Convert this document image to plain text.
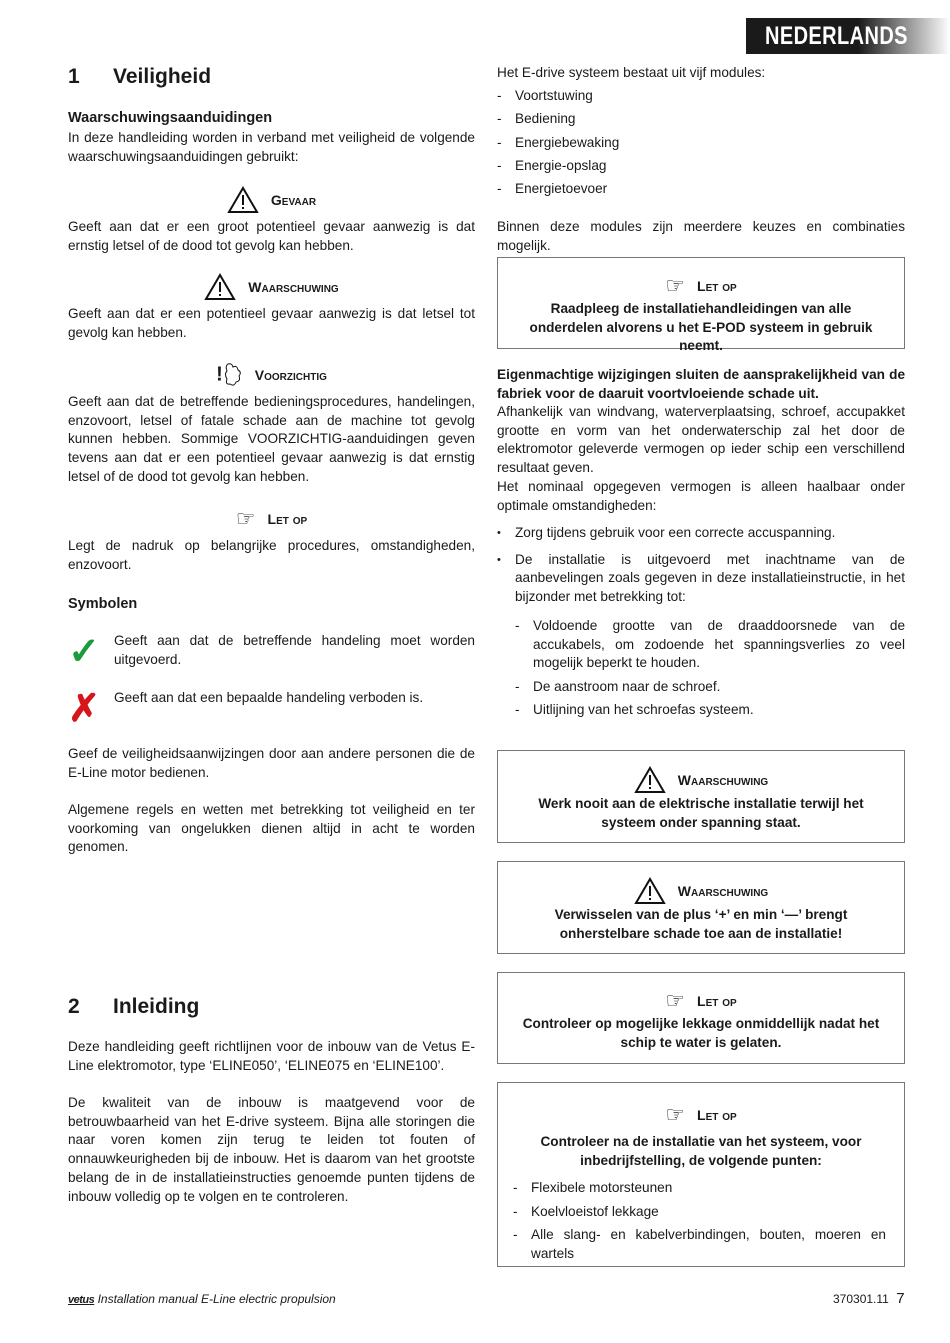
NEDERLANDS
1 Veiligheid
Waarschuwingsaanduidingen

In deze handleiding worden in verband met veiligheid de volgende waarschuwingsaanduidingen gebruikt:

Gevaar

Geeft aan dat er een groot potentieel gevaar aanwezig is dat ernstig letsel of de dood tot gevolg kan hebben.

Waarschuwing

Geeft aan dat er een potentieel gevaar aanwezig is dat letsel tot gevolg kan hebben.

!	Voorzichtig

Geeft aan dat de betreffende bedieningsprocedures, handelingen, enzovoort, letsel of fatale schade aan de machine tot gevolg kunnen hebben. Sommige VOORZICHTIG-aanduidingen geven tevens aan dat er een potentieel gevaar aanwezig is dat ernstig letsel of de dood tot gevolg kan hebben.

☞ Let op

Legt de nadruk op belangrijke procedures, omstandigheden, enzovoort.

Symbolen
✓ Geeft aan dat de betreffende handeling moet worden uitgevoerd.

✗ Geeft aan dat een bepaalde handeling verboden is.

Geef de veiligheidsaanwijzingen door aan andere personen die de E-Line motor bedienen.

Algemene regels en wetten met betrekking tot veiligheid en ter voorkoming van ongelukken dienen altijd in acht te worden genomen.

2 Inleiding

Deze handleiding geeft richtlijnen voor de inbouw van de Vetus E-Line elektromotor, type ‘ELINE050’, ‘ELINE075 en ‘ELINE100’.

De kwaliteit van de inbouw is maatgevend voor de betrouwbaarheid van het E-drive systeem. Bijna alle storingen die naar voren komen zijn terug te leiden tot fouten of onnauwkeurigheden bij de inbouw. Het is daarom van het grootste belang de in de installatieinstructies genoemde punten tijdens de inbouw volledig op te volgen en te controleren.

Het E-drive systeem bestaat uit vijf modules:

- Voortstuwing
- Bediening
- Energiebewaking
- Energie-opslag
- Energietoevoer

Binnen deze modules zijn meerdere keuzes en combinaties mogelijk.

☞ Let op
Raadpleeg de installatiehandleidingen van alle onderdelen alvorens u het E-POD systeem in gebruik neemt.

Eigenmachtige wijzigingen sluiten de aansprakelijkheid van de fabriek voor de daaruit voortvloeiende schade uit.

Afhankelijk van windvang, waterverplaatsing, schroef, accupakket grootte en vorm van het onderwaterschip zal het door de elektromotor geleverde vermogen op ieder schip een verschillend resultaat geven.

Het nominaal opgegeven vermogen is alleen haalbaar onder optimale omstandigheden:

• Zorg tijdens gebruik voor een correcte accuspanning.
• De installatie is uitgevoerd met inachtname van de aanbevelingen zoals gegeven in deze installatieinstructie, in het bijzonder met betrekking tot:
- Voldoende grootte van de draaddoorsnede van de accukabels, om zodoende het spanningsverlies zo veel mogelijk beperkt te houden.
- De aanstroom naar de schroef.
- Uitlijning van het schroefas systeem.
Waarschuwing
Werk nooit aan de elektrische installatie terwijl het systeem onder spanning staat.
Waarschuwing
Verwisselen van de plus ‘+’ en min ‘—’ brengt onherstelbare schade toe aan de installatie!
☞ Let op
Controleer op mogelijke lekkage onmiddellijk nadat het schip te water is gelaten.
☞ Let op
Controleer na de installatie van het systeem, voor inbedrijfstelling, de volgende punten:
- Flexibele motorsteunen
- Koelvloeistof lekkage
- Alle slang- en kabelverbindingen, bouten, moeren en wartels
vetus Installation manual E-Line electric propulsion	370301.11 7
